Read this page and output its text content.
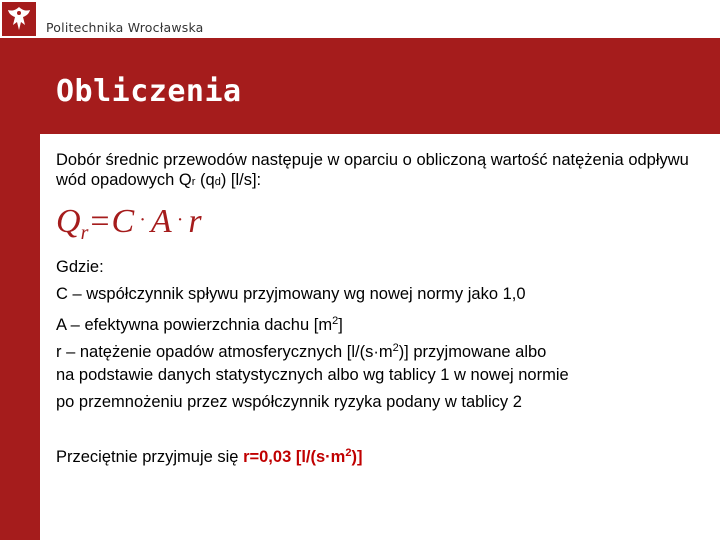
Politechnika Wrocławska
Obliczenia

Dobór średnic przewodów następuje w oparciu o obliczoną wartość natężenia odpływu wód opadowych Qr (qd) [l/s]:

$Q_r=C \cdot A \cdot r$
Gdzie:
C – współczynnik spływu przyjmowany wg nowej normy jako 1,0
A – efektywna powierzchnia dachu $[m^2]$
r – natężenie opadów atmosferycznych $[l/(s\cdot m^2)]$ przyjmowane albo
na podstawie danych statystycznych albo wg tablicy 1 w nowej normie
po przemnożeniu przez współczynnik ryzyka podany w tablicy 2
Przeciętnie przyjmuje się r=0,03 $[l/(s\cdot m^2)]$
